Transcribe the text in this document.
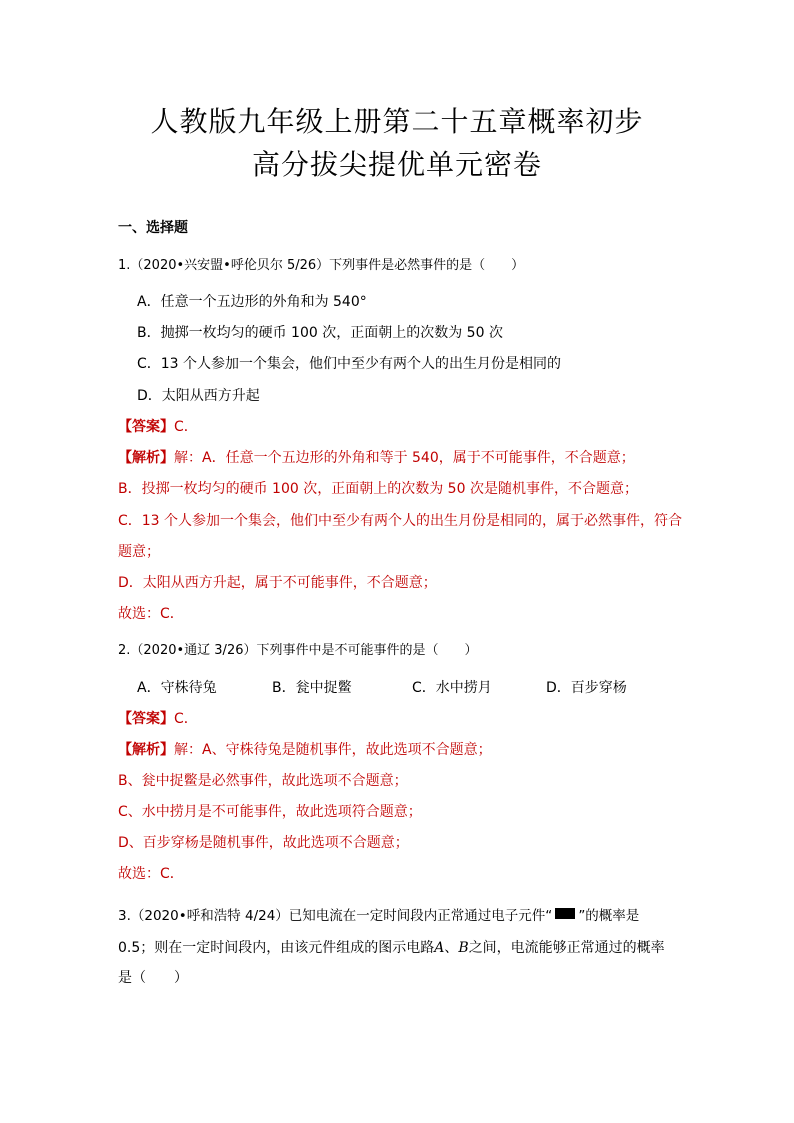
人教版九年级上册第二十五章概率初步
高分拔尖提优单元密卷
一、选择题
1.（2020•兴安盟•呼伦贝尔 5/26）下列事件是必然事件的是（　　）
A．任意一个五边形的外角和为 540°
B．抛掷一枚均匀的硬币 100 次，正面朝上的次数为 50 次
C．13 个人参加一个集会，他们中至少有两个人的出生月份是相同的
D．太阳从西方升起
【答案】C．
【解析】解：A．任意一个五边形的外角和等于 540，属于不可能事件，不合题意；
B．投掷一枚均匀的硬币 100 次，正面朝上的次数为 50 次是随机事件，不合题意；
C．13 个人参加一个集会，他们中至少有两个人的出生月份是相同的，属于必然事件，符合
题意；
D．太阳从西方升起，属于不可能事件，不合题意；
故选：C．
2.（2020•通辽 3/26）下列事件中是不可能事件的是（　　）
A．守株待兔	B．瓮中捉鳖	C．水中捞月	D．百步穿杨
【答案】C．
【解析】解：A、守株待兔是随机事件，故此选项不合题意；
B、瓮中捉鳖是必然事件，故此选项不合题意；
C、水中捞月是不可能事件，故此选项符合题意；
D、百步穿杨是随机事件，故此选项不合题意；
故选：C．
3.（2020•呼和浩特 4/24）已知电流在一定时间段内正常通过电子元件“ ”的概率是
0.5；则在一定时间段内，由该元件组成的图示电路A、B之间，电流能够正常通过的概率
是（　　）
